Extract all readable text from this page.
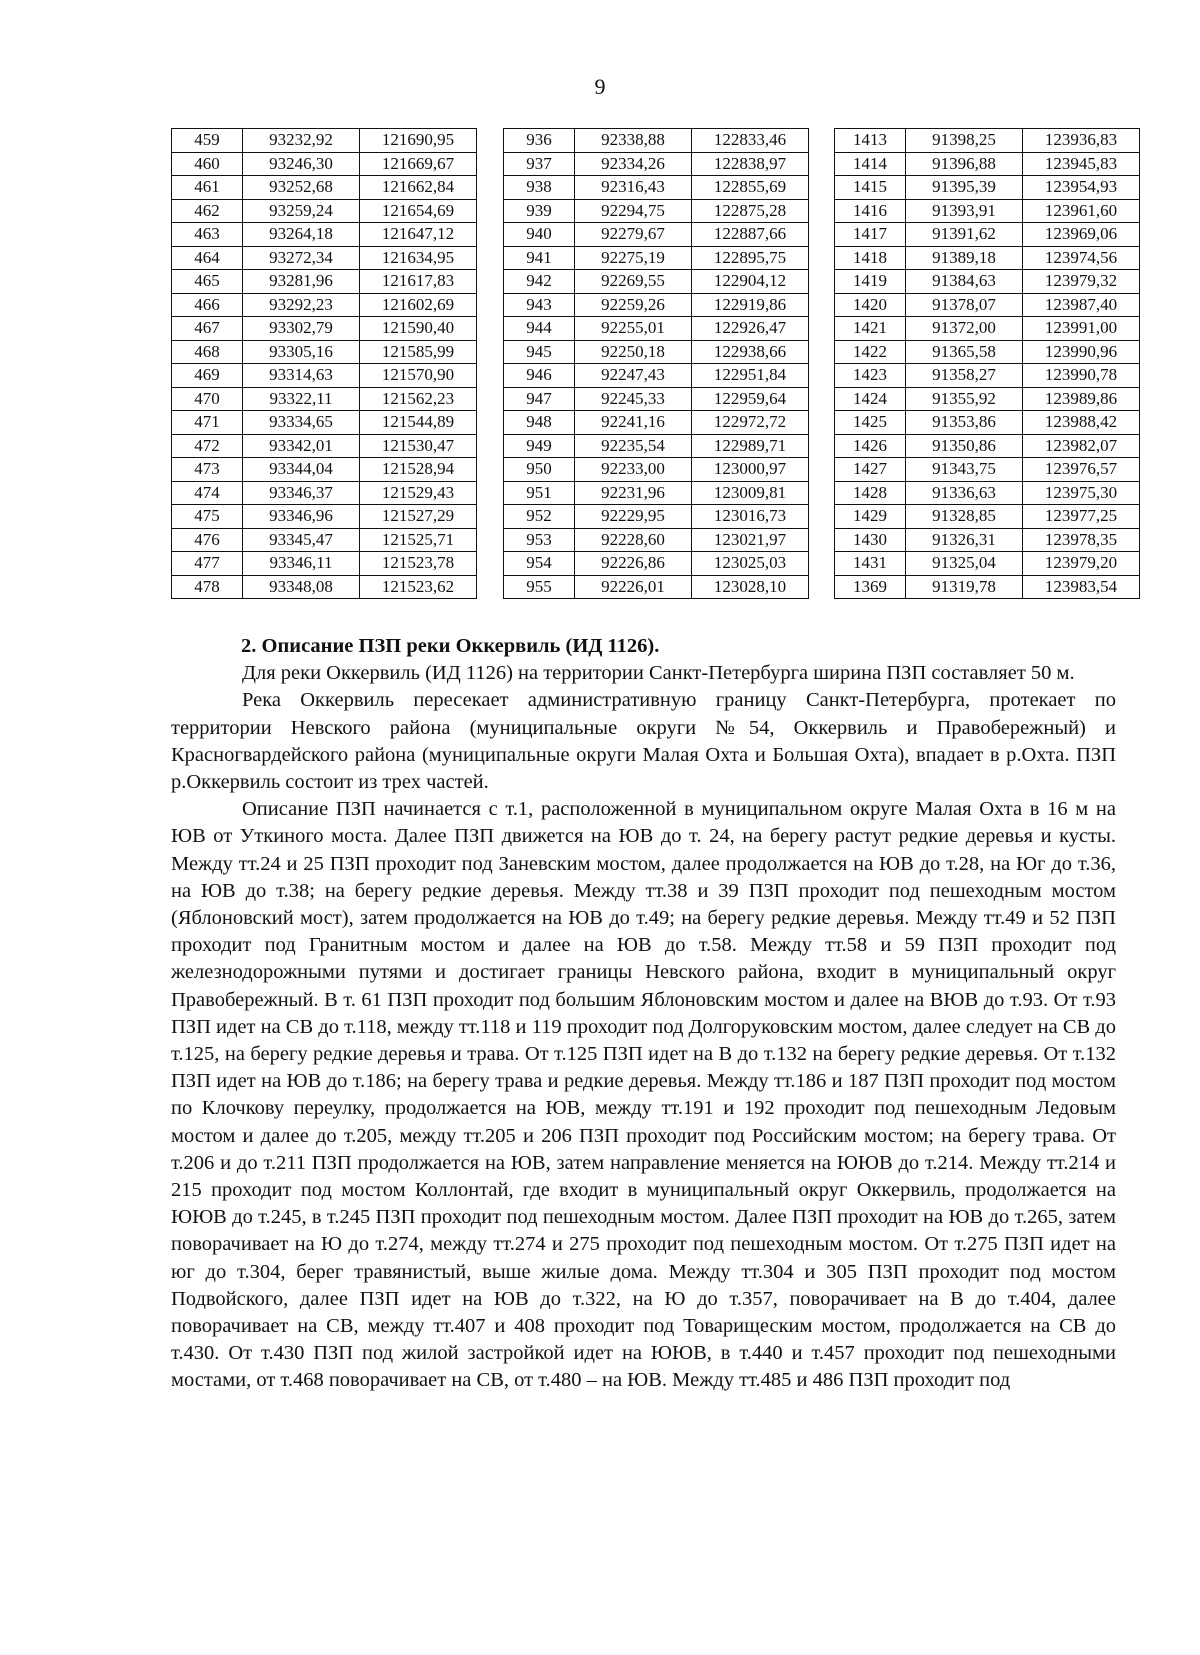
9
459	93232,92	121690,95
460	93246,30	121669,67
461	93252,68	121662,84
462	93259,24	121654,69
463	93264,18	121647,12
464	93272,34	121634,95
465	93281,96	121617,83
466	93292,23	121602,69
467	93302,79	121590,40
468	93305,16	121585,99
469	93314,63	121570,90
470	93322,11	121562,23
471	93334,65	121544,89
472	93342,01	121530,47
473	93344,04	121528,94
474	93346,37	121529,43
475	93346,96	121527,29
476	93345,47	121525,71
477	93346,11	121523,78
478	93348,08	121523,62
936	92338,88	122833,46
937	92334,26	122838,97
938	92316,43	122855,69
939	92294,75	122875,28
940	92279,67	122887,66
941	92275,19	122895,75
942	92269,55	122904,12
943	92259,26	122919,86
944	92255,01	122926,47
945	92250,18	122938,66
946	92247,43	122951,84
947	92245,33	122959,64
948	92241,16	122972,72
949	92235,54	122989,71
950	92233,00	123000,97
951	92231,96	123009,81
952	92229,95	123016,73
953	92228,60	123021,97
954	92226,86	123025,03
955	92226,01	123028,10
1413	91398,25	123936,83
1414	91396,88	123945,83
1415	91395,39	123954,93
1416	91393,91	123961,60
1417	91391,62	123969,06
1418	91389,18	123974,56
1419	91384,63	123979,32
1420	91378,07	123987,40
1421	91372,00	123991,00
1422	91365,58	123990,96
1423	91358,27	123990,78
1424	91355,92	123989,86
1425	91353,86	123988,42
1426	91350,86	123982,07
1427	91343,75	123976,57
1428	91336,63	123975,30
1429	91328,85	123977,25
1430	91326,31	123978,35
1431	91325,04	123979,20
1369	91319,78	123983,54
2. Описание ПЗП реки Оккервиль (ИД 1126).

Для реки Оккервиль (ИД 1126) на территории Санкт-Петербурга ширина ПЗП составляет 50 м.

Река Оккервиль пересекает административную границу Санкт-Петербурга, протекает по территории Невского района (муниципальные округи №54, Оккервиль и Правобережный) и Красногвардейского района (муниципальные округи Малая Охта и Большая Охта), впадает в р.Охта. ПЗП р.Оккервиль состоит из трех частей.

Описание ПЗП начинается с т.1, расположенной в муниципальном округе Малая Охта в 16 м на ЮВ от Уткиного моста. Далее ПЗП движется на ЮВ до т. 24, на берегу растут редкие деревья и кусты. Между тт.24 и 25 ПЗП проходит под Заневским мостом, далее продолжается на ЮВ до т.28, на Юг до т.36, на ЮВ до т.38; на берегу редкие деревья. Между тт.38 и 39 ПЗП проходит под пешеходным мостом (Яблоновский мост), затем продолжается на ЮВ до т.49; на берегу редкие деревья. Между тт.49 и 52 ПЗП проходит под Гранитным мостом и далее на ЮВ до т.58. Между тт.58 и 59 ПЗП проходит под железнодорожными путями и достигает границы Невского района, входит в муниципальный округ Правобережный. В т. 61 ПЗП проходит под большим Яблоновским мостом и далее на ВЮВ до т.93. От т.93 ПЗП идет на СВ до т.118, между тт.118 и 119 проходит под Долгоруковским мостом, далее следует на СВ до т.125, на берегу редкие деревья и трава. От т.125 ПЗП идет на В до т.132 на берегу редкие деревья. От т.132 ПЗП идет на ЮВ до т.186; на берегу трава и редкие деревья. Между тт.186 и 187 ПЗП проходит под мостом по Клочкову переулку, продолжается на ЮВ, между тт.191 и 192 проходит под пешеходным Ледовым мостом и далее до т.205, между тт.205 и 206 ПЗП проходит под Российским мостом; на берегу трава. От т.206 и до т.211 ПЗП продолжается на ЮВ, затем направление меняется на ЮЮВ до т.214. Между тт.214 и 215 проходит под мостом Коллонтай, где входит в муниципальный округ Оккервиль, продолжается на ЮЮВ до т.245, в т.245 ПЗП проходит под пешеходным мостом. Далее ПЗП проходит на ЮВ до т.265, затем поворачивает на Ю до т.274, между тт.274 и 275 проходит под пешеходным мостом. От т.275 ПЗП идет на юг до т.304, берег травянистый, выше жилые дома. Между тт.304 и 305 ПЗП проходит под мостом Подвойского, далее ПЗП идет на ЮВ до т.322, на Ю до т.357, поворачивает на В до т.404, далее поворачивает на СВ, между тт.407 и 408 проходит под Товарищеским мостом, продолжается на СВ до т.430. От т.430 ПЗП под жилой застройкой идет на ЮЮВ, в т.440 и т.457 проходит под пешеходными мостами, от т.468 поворачивает на СВ, от т.480 – на ЮВ. Между тт.485 и 486 ПЗП проходит под
